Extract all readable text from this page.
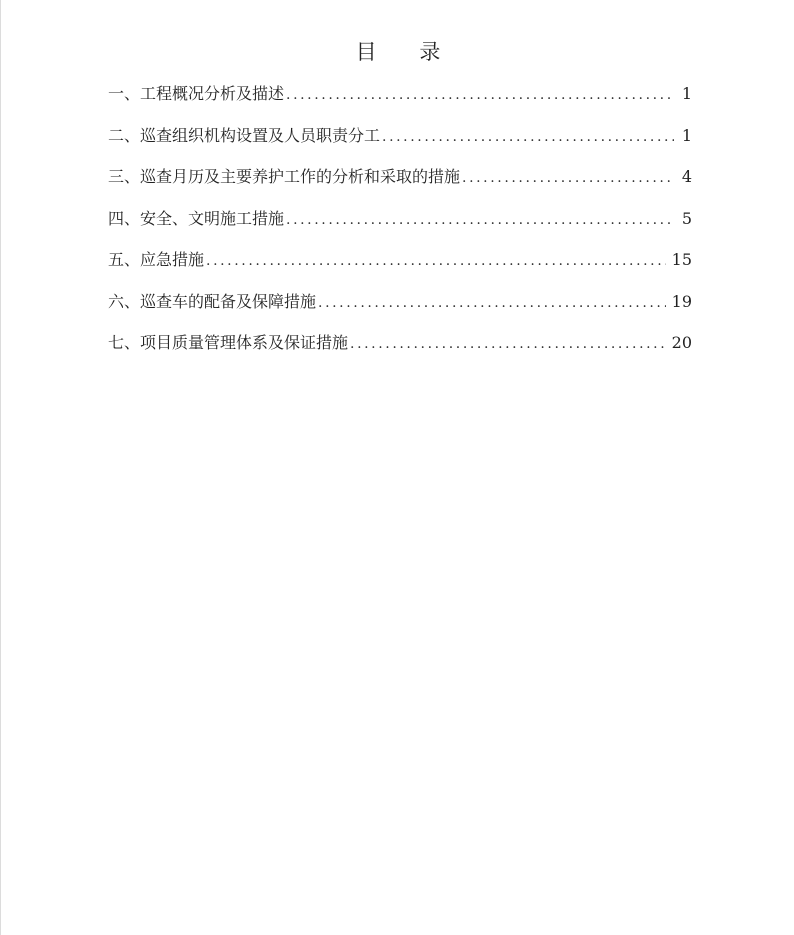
目 录
一、工程概况分析及描述 .....	1
二、巡查组织机构设置及人员职责分工 .....	1
三、巡查月历及主要养护工作的分析和采取的措施 .....	4
四、安全、文明施工措施 .....	5
五、应急措施 .....	15
六、巡查车的配备及保障措施 .....	19
七、项目质量管理体系及保证措施 .....	20
